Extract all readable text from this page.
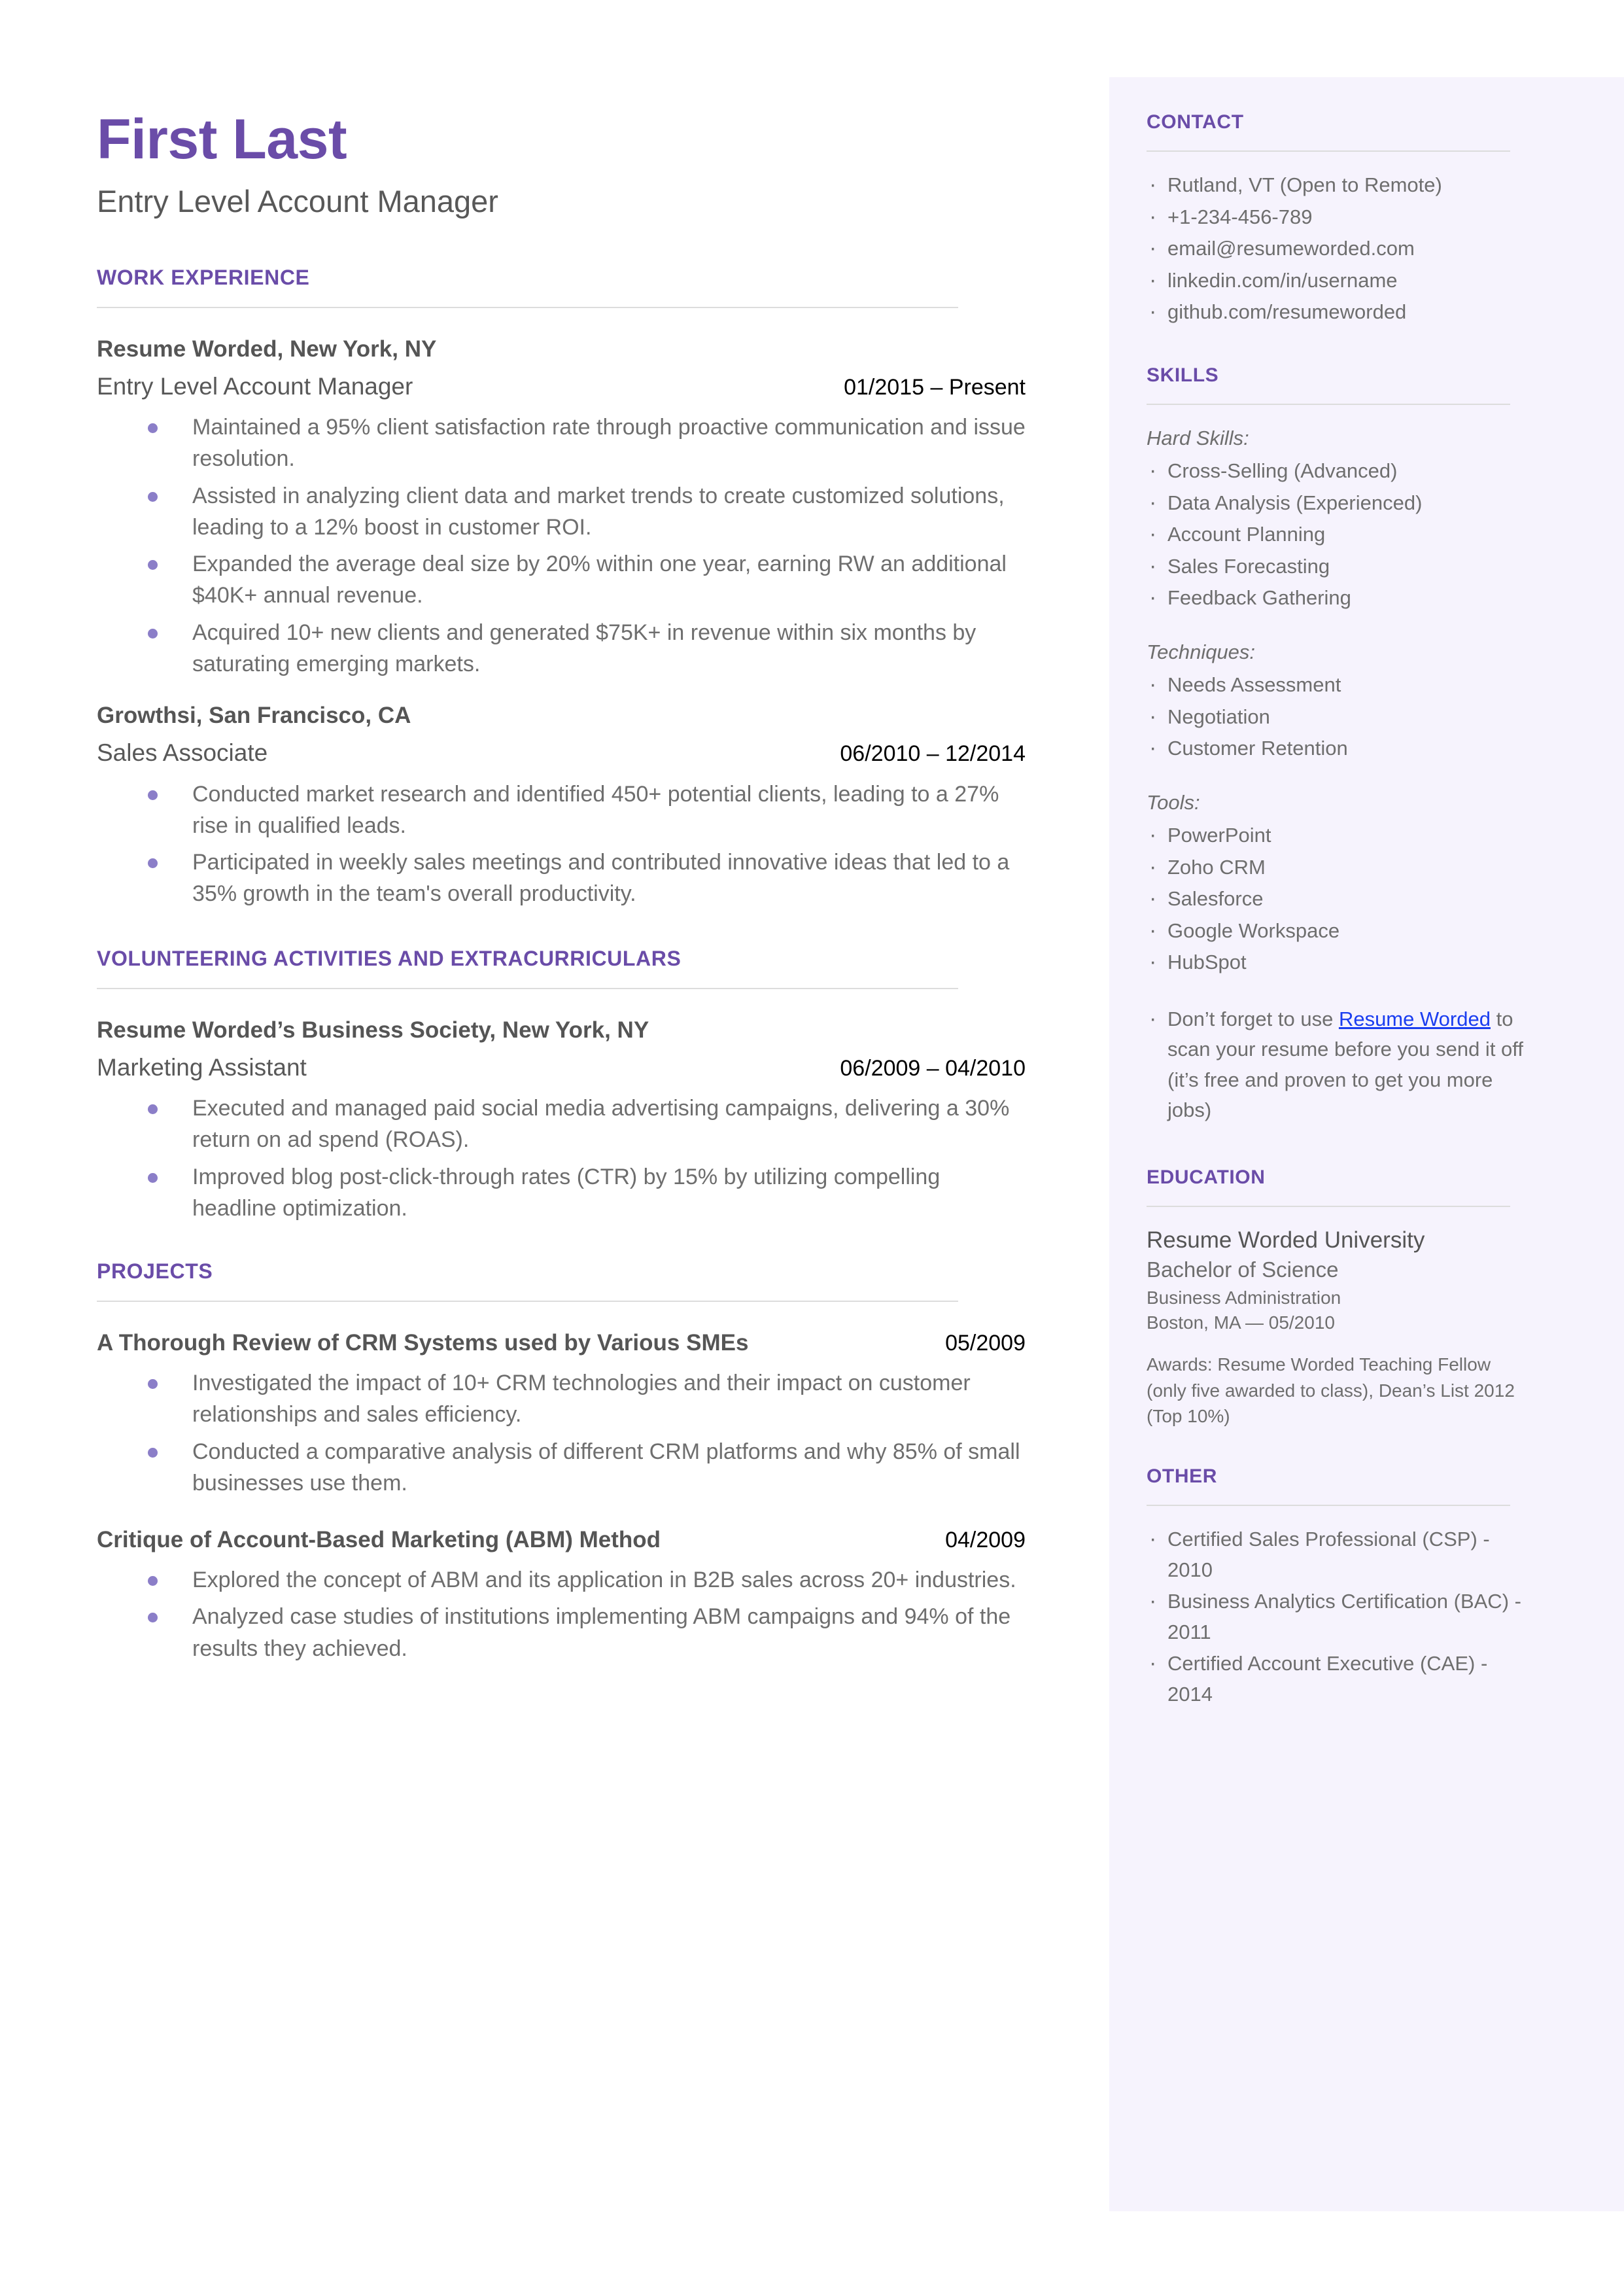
First Last
Entry Level Account Manager
WORK EXPERIENCE
Resume Worded, New York, NY
Entry Level Account Manager	01/2015 – Present
Maintained a 95% client satisfaction rate through proactive communication and issue resolution.
Assisted in analyzing client data and market trends to create customized solutions, leading to a 12% boost in customer ROI.
Expanded the average deal size by 20% within one year, earning RW an additional $40K+ annual revenue.
Acquired 10+ new clients and generated $75K+ in revenue within six months by saturating emerging markets.
Growthsi, San Francisco, CA
Sales Associate	06/2010 – 12/2014
Conducted market research and identified 450+ potential clients, leading to a 27% rise in qualified leads.
Participated in weekly sales meetings and contributed innovative ideas that led to a 35% growth in the team's overall productivity.
VOLUNTEERING ACTIVITIES AND EXTRACURRICULARS
Resume Worded’s Business Society, New York, NY
Marketing Assistant	06/2009 – 04/2010
Executed and managed paid social media advertising campaigns, delivering a 30% return on ad spend (ROAS).
Improved blog post-click-through rates (CTR) by 15% by utilizing compelling headline optimization.
PROJECTS
A Thorough Review of CRM Systems used by Various SMEs	05/2009
Investigated the impact of 10+ CRM technologies and their impact on customer relationships and sales efficiency.
Conducted a comparative analysis of different CRM platforms and why 85% of small businesses use them.
Critique of Account-Based Marketing (ABM) Method	04/2009
Explored the concept of ABM and its application in B2B sales across 20+ industries.
Analyzed case studies of institutions implementing ABM campaigns and 94% of the results they achieved.
CONTACT
· Rutland, VT (Open to Remote)
· +1-234-456-789
· email@resumeworded.com
· linkedin.com/in/username
· github.com/resumeworded
SKILLS
Hard Skills:
· Cross-Selling (Advanced)
· Data Analysis (Experienced)
· Account Planning
· Sales Forecasting
· Feedback Gathering
Techniques:
· Needs Assessment
· Negotiation
· Customer Retention
Tools:
· PowerPoint
· Zoho CRM
· Salesforce
· Google Workspace
· HubSpot
· Don’t forget to use Resume Worded to scan your resume before you send it off (it’s free and proven to get you more jobs)
EDUCATION
Resume Worded University
Bachelor of Science
Business Administration
Boston, MA — 05/2010
Awards: Resume Worded Teaching Fellow (only five awarded to class), Dean’s List 2012 (Top 10%)
OTHER
· Certified Sales Professional (CSP) - 2010
· Business Analytics Certification (BAC) - 2011
· Certified Account Executive (CAE) - 2014
